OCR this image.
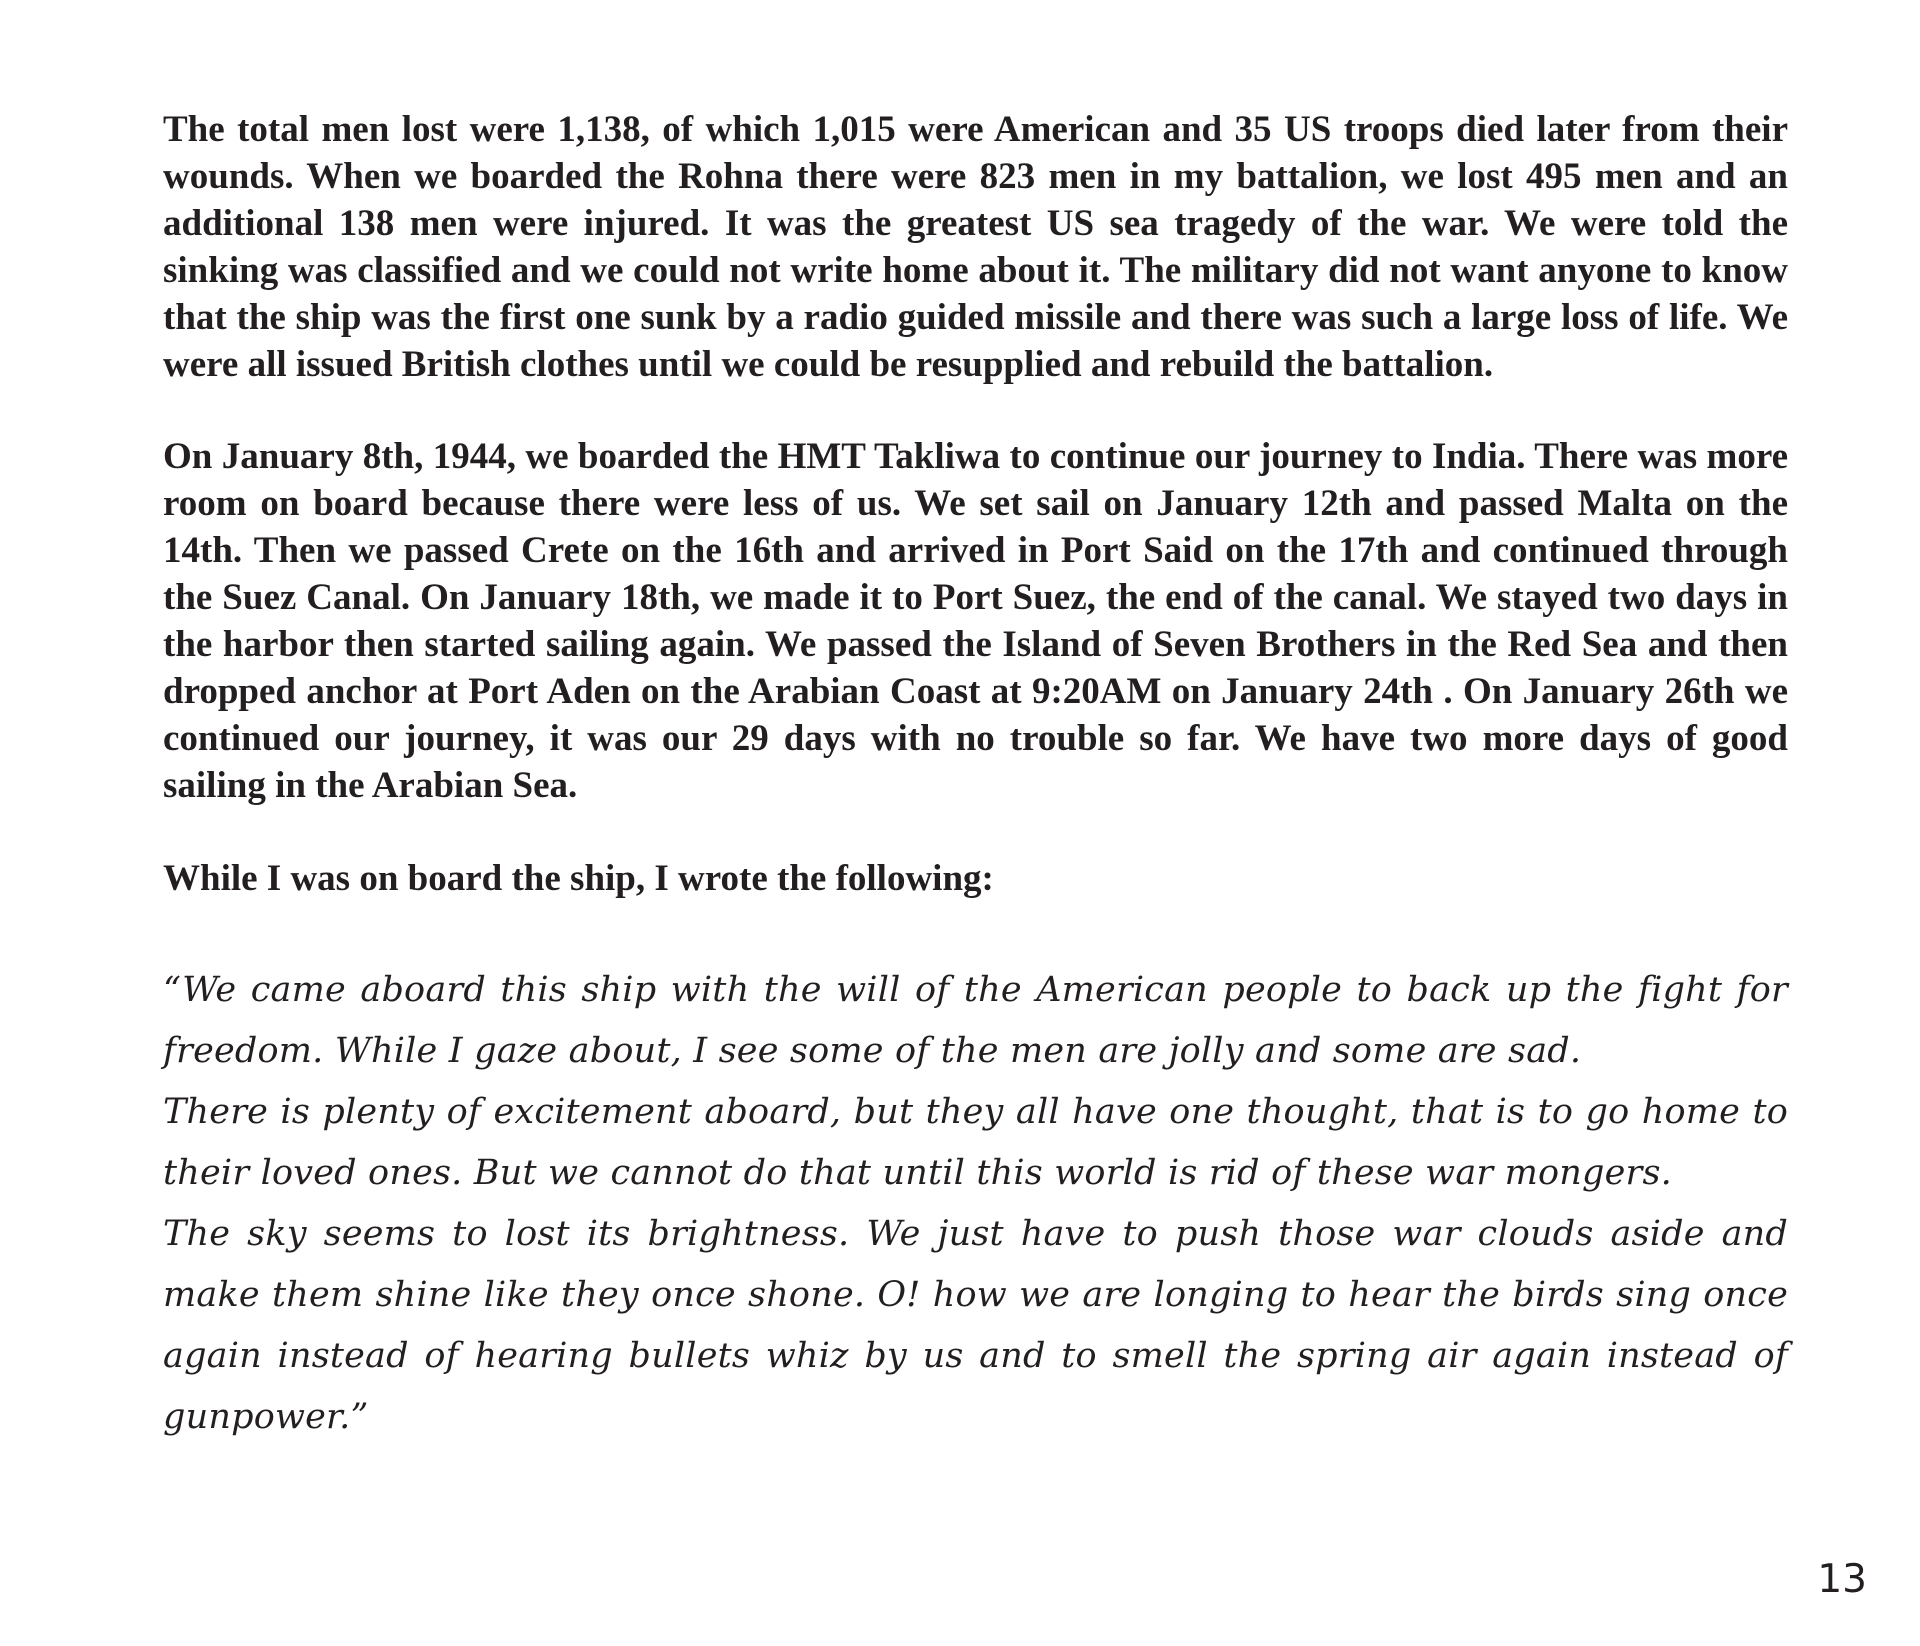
The total men lost were 1,138, of which 1,015 were American and 35 US troops died later from their wounds. When we boarded the Rohna there were 823 men in my battalion, we lost 495 men and an additional 138 men were injured. It was the greatest US sea tragedy of the war. We were told the sinking was classified and we could not write home about it. The military did not want anyone to know that the ship was the first one sunk by a radio guided missile and there was such a large loss of life. We were all issued British clothes until we could be resupplied and rebuild the battalion.

On January 8th, 1944, we boarded the HMT Takliwa to continue our journey to India. There was more room on board because there were less of us. We set sail on January 12th and passed Malta on the 14th. Then we passed Crete on the 16th and arrived in Port Said on the 17th and continued through the Suez Canal. On January 18th, we made it to Port Suez, the end of the canal. We stayed two days in the harbor then started sailing again. We passed the Island of Seven Brothers in the Red Sea and then dropped anchor at Port Aden on the Arabian Coast at 9:20AM on January 24th . On January 26th we continued our journey, it was our 29 days with no trouble so far. We have two more days of good sailing in the Arabian Sea.

While I was on board the ship, I wrote the following:

“We came aboard this ship with the will of the American people to back up the fight for freedom. While I gaze about, I see some of the men are jolly and some are sad.
There is plenty of excitement aboard, but they all have one thought, that is to go home to their loved ones. But we cannot do that until this world is rid of these war mongers.
The sky seems to lost its brightness. We just have to push those war clouds aside and make them shine like they once shone. O! how we are longing to hear the birds sing once again instead of hearing bullets whiz by us and to smell the spring air again instead of gunpower.”
13
